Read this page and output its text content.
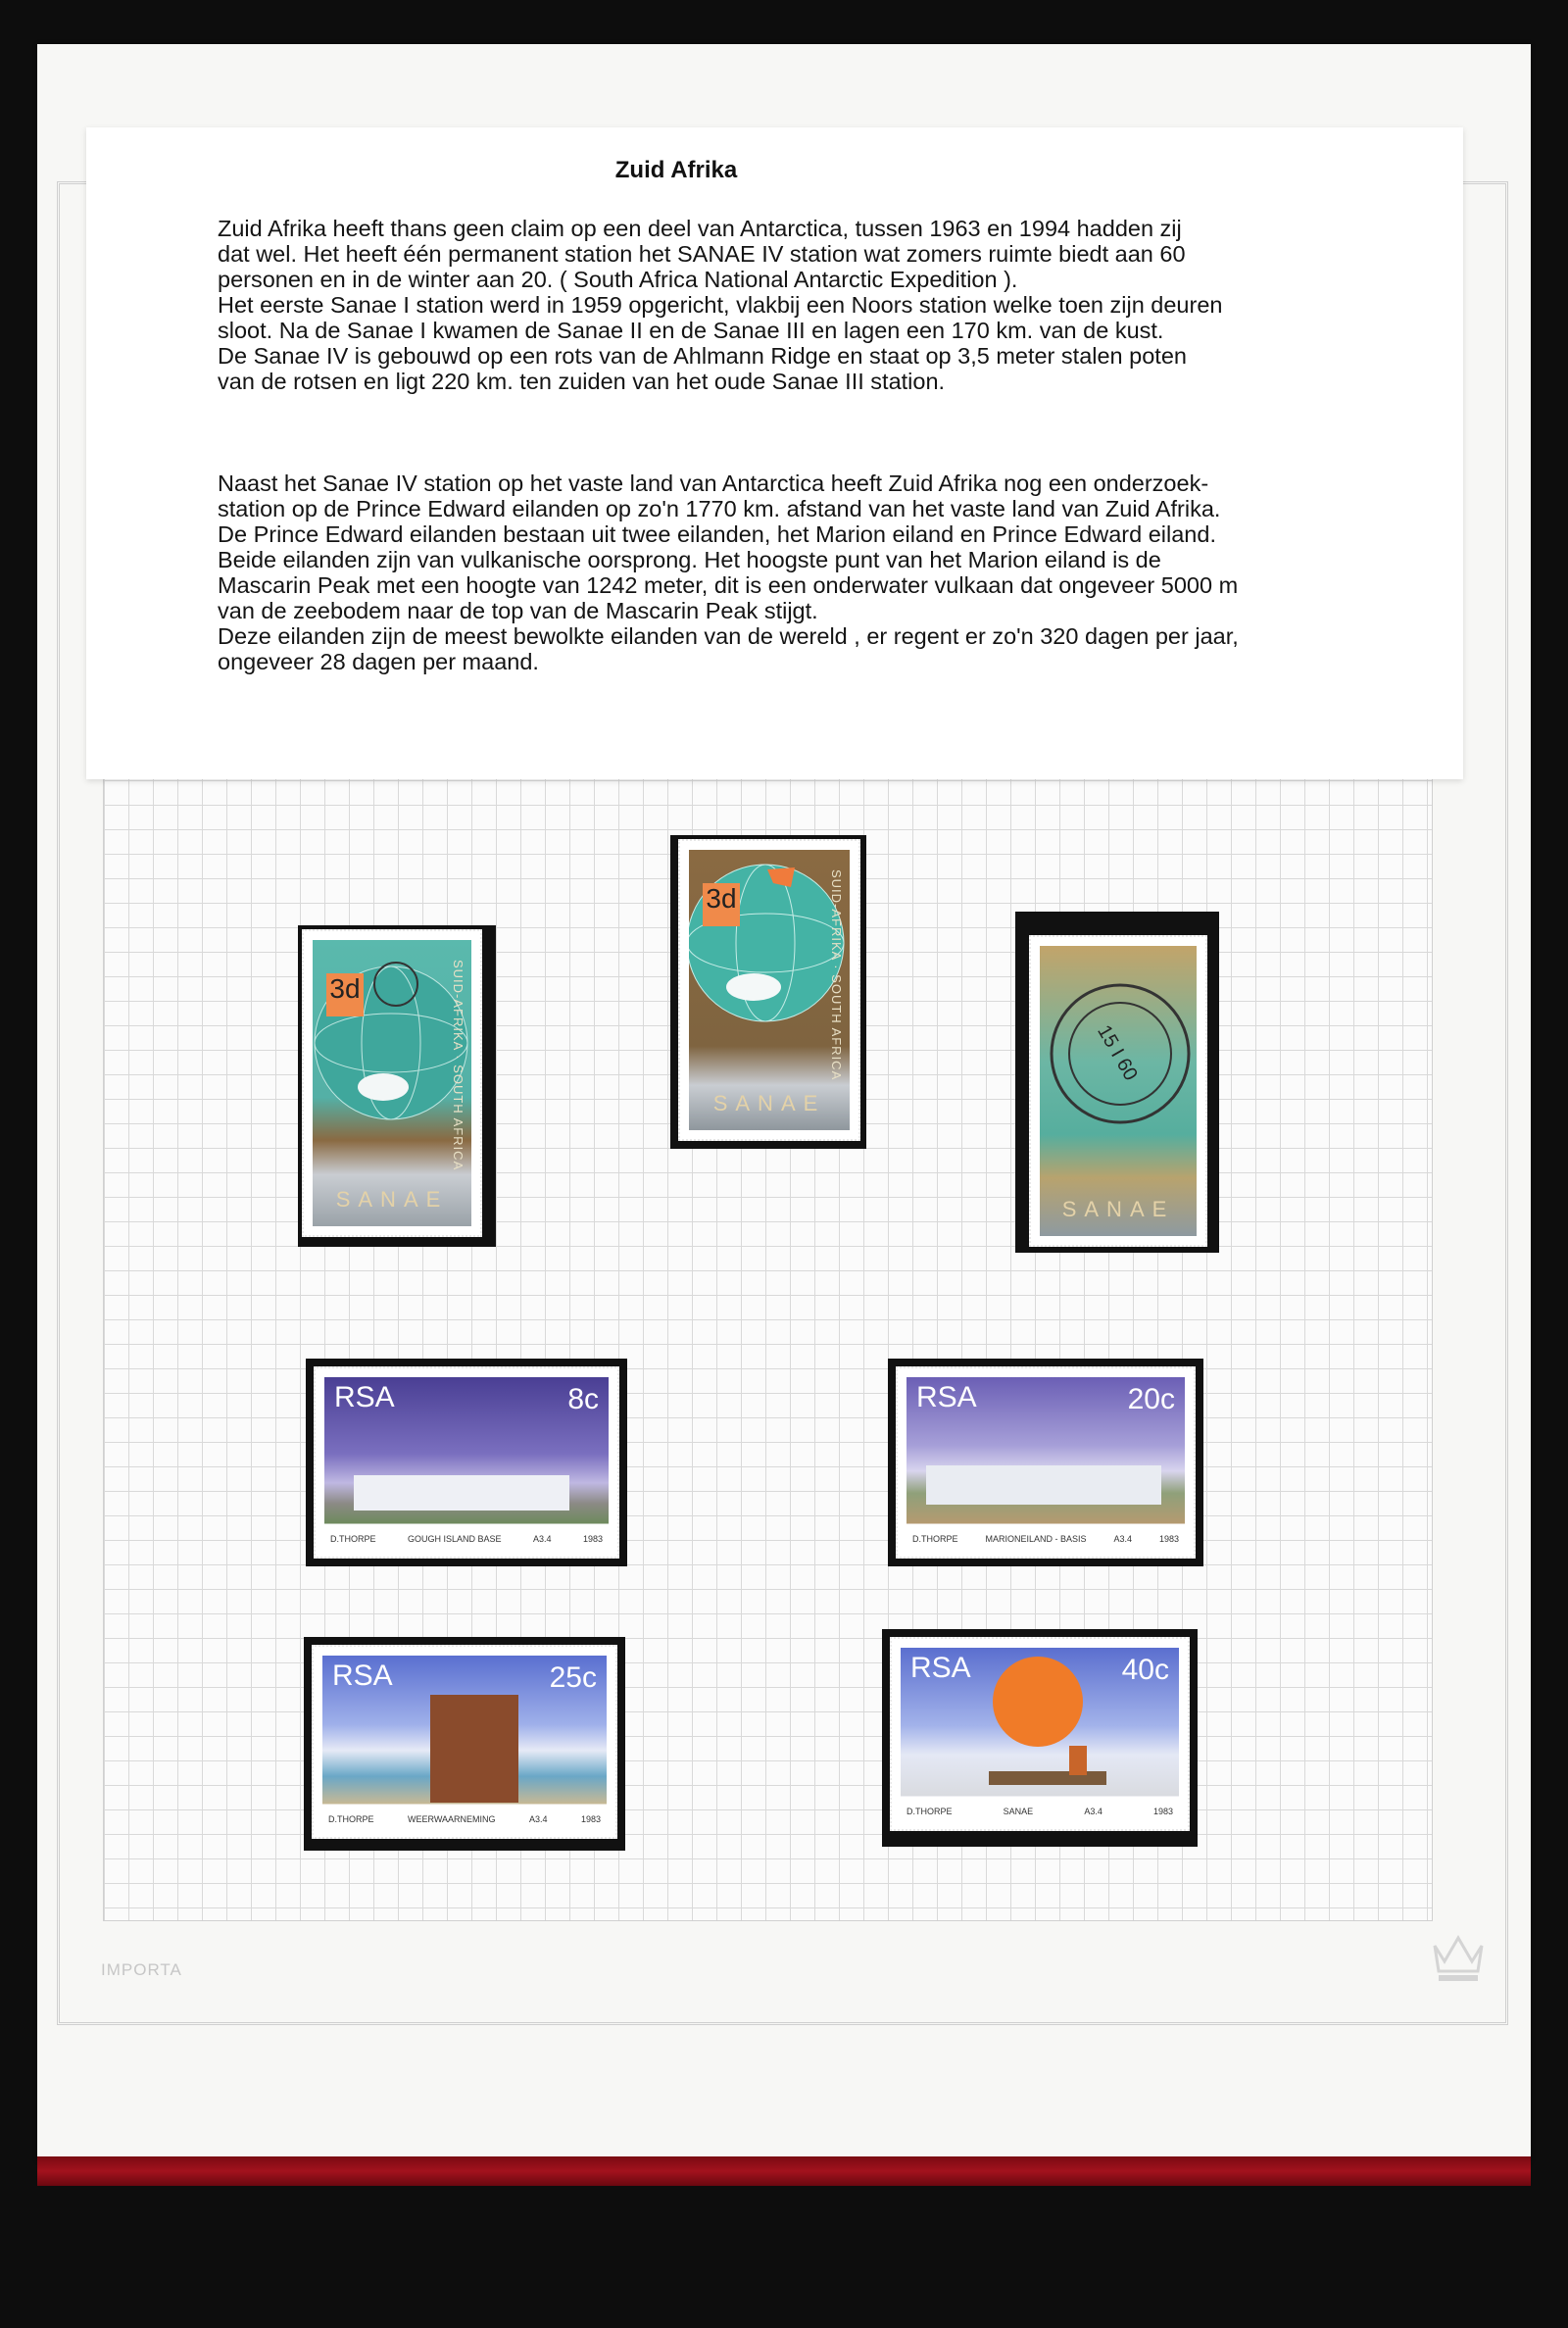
Zuid Afrika
Zuid Afrika heeft thans geen claim op een deel van Antarctica, tussen 1963 en 1994 hadden zij
dat wel. Het heeft één permanent station het SANAE IV station wat zomers ruimte biedt aan 60
personen en in de winter aan 20. ( South Africa National Antarctic Expedition ).
Het eerste Sanae I station werd in 1959 opgericht, vlakbij een Noors station welke toen zijn deuren
sloot. Na de Sanae I kwamen de Sanae II en de Sanae III en lagen een 170 km. van de kust.
De Sanae IV is gebouwd op een rots van de Ahlmann Ridge en staat op 3,5 meter stalen poten
van de rotsen en ligt 220 km. ten zuiden van het oude Sanae III station.
Naast het Sanae IV station op het vaste land van Antarctica heeft Zuid Afrika nog een onderzoek-
station op de Prince Edward eilanden op zo'n 1770 km. afstand van het vaste land van Zuid Afrika.
De Prince Edward eilanden bestaan uit twee eilanden, het Marion eiland en Prince Edward eiland.
Beide eilanden zijn van vulkanische oorsprong. Het hoogste punt van het Marion eiland is de
Mascarin Peak met een hoogte van 1242 meter, dit is een onderwater vulkaan dat ongeveer 5000 m
van de zeebodem naar de top van de Mascarin Peak stijgt.
Deze eilanden zijn de meest bewolkte eilanden van de wereld , er regent er zo'n 320 dagen per jaar,
ongeveer 28 dagen per maand.
3d	SUID-AFRIKA · SOUTH AFRICA
SANAE
3d	SUID-AFRIKA · SOUTH AFRICA
SANAE
15 I 60
SANAE
RSA	8c
D.THORPE	GOUGH ISLAND BASE	A3.4	1983
RSA	20c
D.THORPE	MARIONEILAND - BASIS	A3.4	1983
RSA	25c
D.THORPE	WEERWAARNEMING	A3.4	1983
RSA	40c
D.THORPE	SANAE	A3.4	1983
IMPORTA
